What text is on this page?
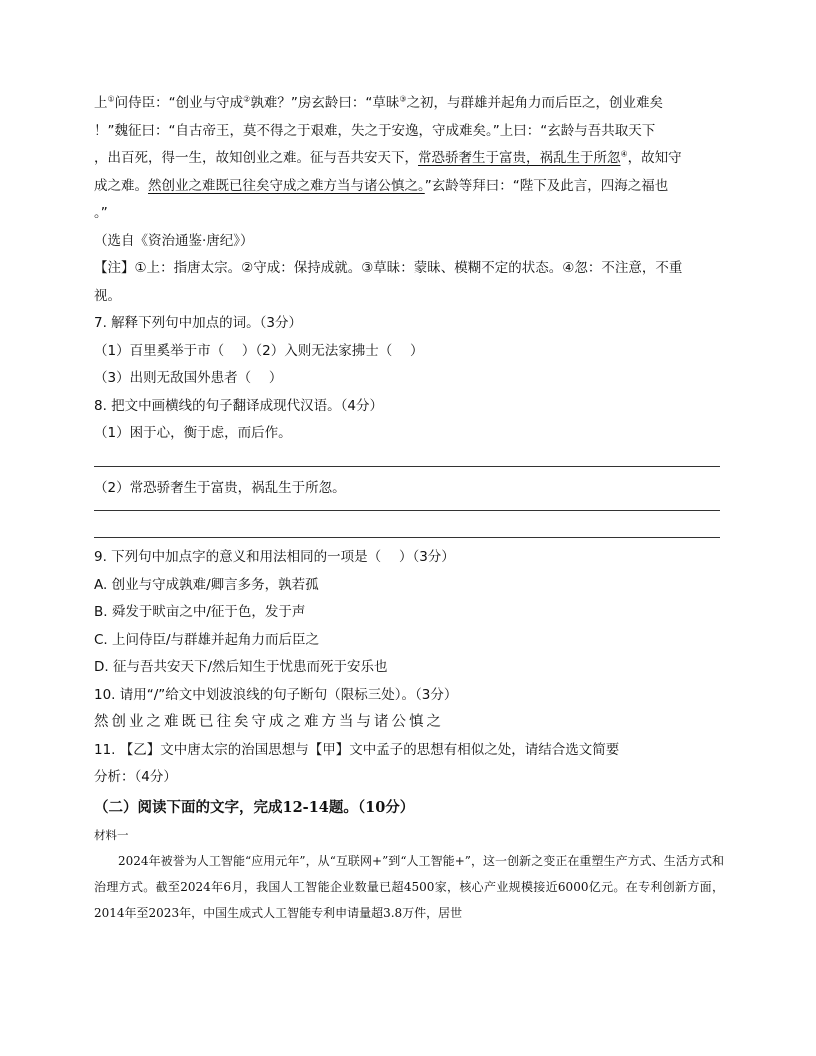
上①问侍臣：“创业与守成②孰难？”房玄龄曰：“草昧③之初，与群雄并起角力而后臣之，创业难矣
！”魏征曰：“自古帝王，莫不得之于艰难，失之于安逸，守成难矣。”上曰：“玄龄与吾共取天下
，出百死，得一生，故知创业之难。征与吾共安天下，常恐骄奢生于富贵，祸乱生于所忽④，故知守
成之难。然创业之难既已往矣守成之难方当与诸公慎之。”玄龄等拜曰：“陛下及此言，四海之福也
。”
（选自《资治通鉴·唐纪》）
【注】①上：指唐太宗。②守成：保持成就。③草昧：蒙昧、模糊不定的状态。④忽：不注意，不重
视。
7. 解释下列句中加点的词。（3分）
（1）百里奚举于市（　 ）（2）入则无法家拂士（　 ）
（3）出则无敌国外患者（　 ）
8. 把文中画横线的句子翻译成现代汉语。（4分）
（1）困于心，衡于虑，而后作。
（2）常恐骄奢生于富贵，祸乱生于所忽。
9. 下列句中加点字的意义和用法相同的一项是（　 ）（3分）
A. 创业与守成孰难/卿言多务，孰若孤
B. 舜发于畎亩之中/征于色，发于声
C. 上问侍臣/与群雄并起角力而后臣之
D. 征与吾共安天下/然后知生于忧患而死于安乐也
10. 请用“/”给文中划波浪线的句子断句（限标三处）。（3分）
然创业之难既已往矣守成之难方当与诸公慎之
11. 【乙】文中唐太宗的治国思想与【甲】文中孟子的思想有相似之处，请结合选文简要
分析：（4分）
（二）阅读下面的文字，完成12-14题。（10分）
材料一

2024年被誉为人工智能“应用元年”，从“互联网+”到“人工智能+”，这一创新之变正在重塑生产方式、生活方式和治理方式。截至2024年6月，我国人工智能企业数量已超4500家，核心产业规模接近6000亿元。在专利创新方面，2014年至2023年，中国生成式人工智能专利申请量超3.8万件，居世
